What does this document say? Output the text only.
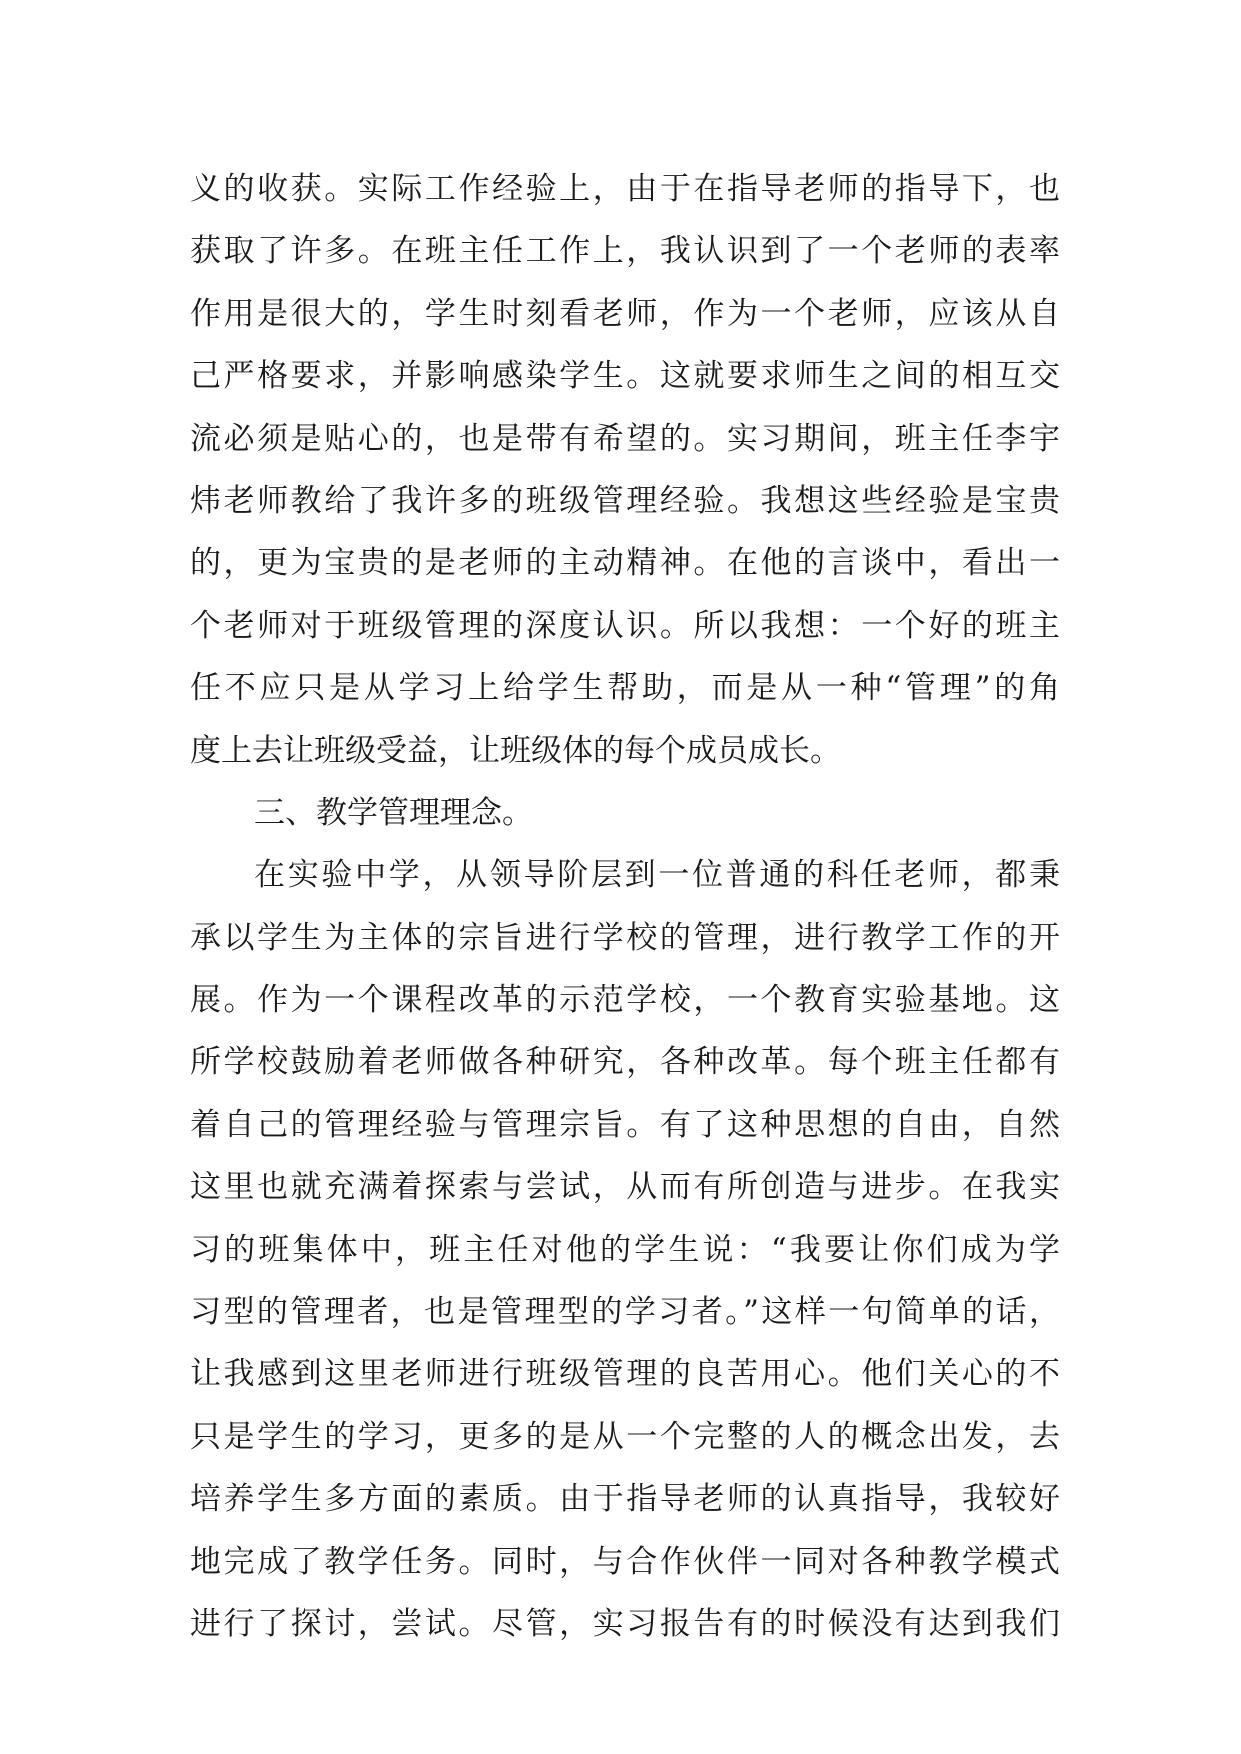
义的收获。实际工作经验上，由于在指导老师的指导下，也
获取了许多。在班主任工作上，我认识到了一个老师的表率
作用是很大的，学生时刻看老师，作为一个老师，应该从自
己严格要求，并影响感染学生。这就要求师生之间的相互交
流必须是贴心的，也是带有希望的。实习期间，班主任李宇
炜老师教给了我许多的班级管理经验。我想这些经验是宝贵
的，更为宝贵的是老师的主动精神。在他的言谈中，看出一
个老师对于班级管理的深度认识。所以我想：一个好的班主
任不应只是从学习上给学生帮助，而是从一种“管理”的角
度上去让班级受益，让班级体的每个成员成长。
三、教学管理理念。
在实验中学，从领导阶层到一位普通的科任老师，都秉
承以学生为主体的宗旨进行学校的管理，进行教学工作的开
展。作为一个课程改革的示范学校，一个教育实验基地。这
所学校鼓励着老师做各种研究，各种改革。每个班主任都有
着自己的管理经验与管理宗旨。有了这种思想的自由，自然
这里也就充满着探索与尝试，从而有所创造与进步。在我实
习的班集体中，班主任对他的学生说：“我要让你们成为学
习型的管理者，也是管理型的学习者。”这样一句简单的话，
让我感到这里老师进行班级管理的良苦用心。他们关心的不
只是学生的学习，更多的是从一个完整的人的概念出发，去
培养学生多方面的素质。由于指导老师的认真指导，我较好
地完成了教学任务。同时，与合作伙伴一同对各种教学模式
进行了探讨，尝试。尽管，实习报告有的时候没有达到我们
